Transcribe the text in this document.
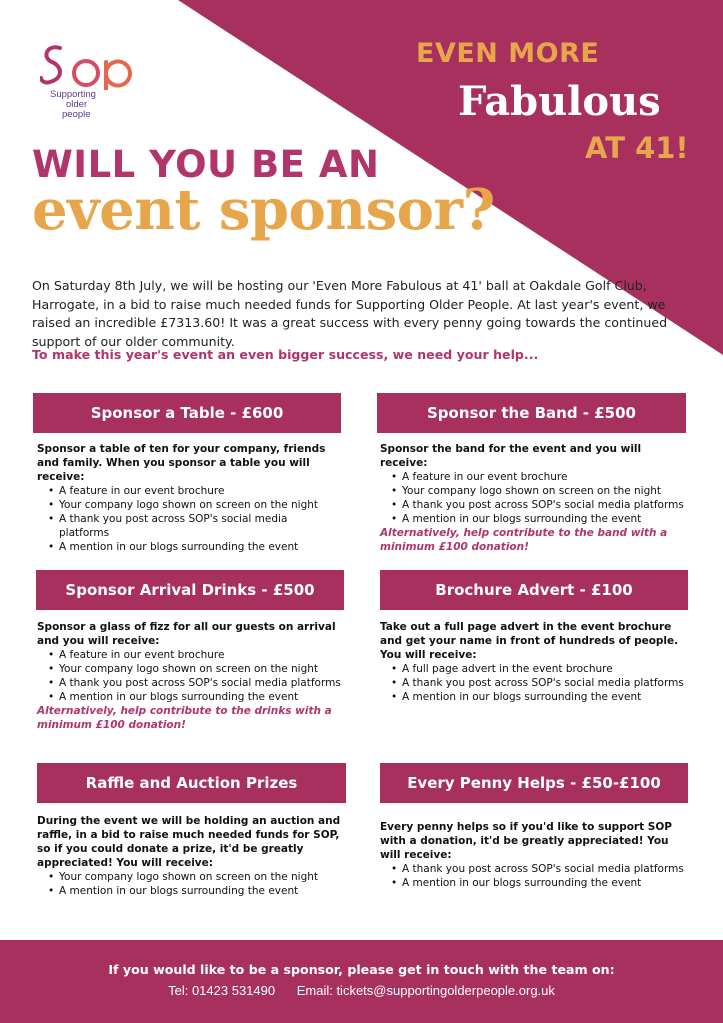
Supporting
older
people
EVEN MORE
Fabulous
AT 41!
WILL YOU BE AN
event sponsor?

On Saturday 8th July, we will be hosting our 'Even More Fabulous at 41' ball at Oakdale Golf Club, Harrogate, in a bid to raise much needed funds for Supporting Older People. At last year's event, we raised an incredible £7313.60! It was a great success with every penny going towards the continued support of our older community.

To make this year's event an even bigger success, we need your help...
Sponsor a Table - £600
Sponsor a table of ten for your company, friends and family. When you sponsor a table you will receive:
• A feature in our event brochure
• Your company logo shown on screen on the night
• A thank you post across SOP's social media platforms
• A mention in our blogs surrounding the event
Sponsor the Band - £500
Sponsor the band for the event and you will receive:
• A feature in our event brochure
• Your company logo shown on screen on the night
• A thank you post across SOP's social media platforms
• A mention in our blogs surrounding the event
Alternatively, help contribute to the band with a minimum £100 donation!
Sponsor Arrival Drinks - £500
Sponsor a glass of fizz for all our guests on arrival and you will receive:
• A feature in our event brochure
• Your company logo shown on screen on the night
• A thank you post across SOP's social media platforms
• A mention in our blogs surrounding the event
Alternatively, help contribute to the drinks with a minimum £100 donation!
Brochure Advert - £100
Take out a full page advert in the event brochure and get your name in front of hundreds of people. You will receive:
• A full page advert in the event brochure
• A thank you post across SOP's social media platforms
• A mention in our blogs surrounding the event
Raffle and Auction Prizes
During the event we will be holding an auction and raffle, in a bid to raise much needed funds for SOP, so if you could donate a prize, it'd be greatly appreciated! You will receive:
• Your company logo shown on screen on the night
• A mention in our blogs surrounding the event
Every Penny Helps - £50-£100
Every penny helps so if you'd like to support SOP with a donation, it'd be greatly appreciated! You will receive:
• A thank you post across SOP's social media platforms
• A mention in our blogs surrounding the event
If you would like to be a sponsor, please get in touch with the team on:
Tel: 01423 531490 Email: tickets@supportingolderpeople.org.uk
